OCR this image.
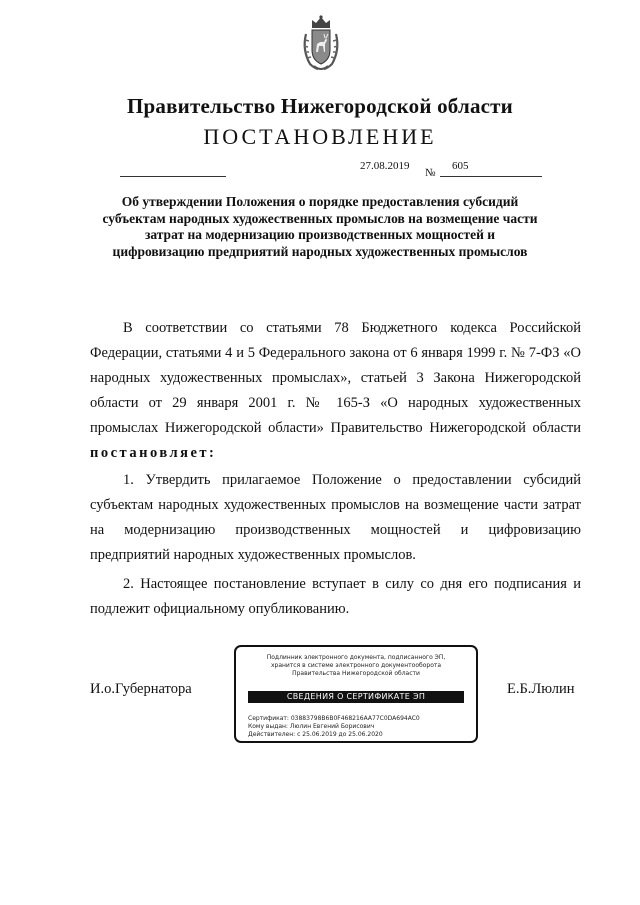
Правительство Нижегородской области
ПОСТАНОВЛЕНИЕ
27.08.2019
№
605
Об утверждении Положения о порядке предоставления субсидий субъектам народных художественных промыслов на возмещение части затрат на модернизацию производственных мощностей и цифровизацию предприятий народных художественных промыслов
В соответствии со статьями 78 Бюджетного кодекса Российской Федерации, статьями 4 и 5 Федерального закона от 6 января 1999 г. № 7-ФЗ «О народных художественных промыслах», статьей 3 Закона Нижегородской области от 29 января 2001 г. № 165-З «О народных художественных промыслах Нижегородской области» Правительство Нижегородской области постановляет:
1. Утвердить прилагаемое Положение о предоставлении субсидий субъектам народных художественных промыслов на возмещение части затрат на модернизацию производственных мощностей и цифровизацию предприятий народных художественных промыслов.
2. Настоящее постановление вступает в силу со дня его подписания и подлежит официальному опубликованию.
И.о.Губернатора	Е.Б.Люлин
Подлинник электронного документа, подписанного ЭП,
хранится в системе электронного документооборота
Правительства Нижегородской области
СВЕДЕНИЯ О СЕРТИФИКАТЕ ЭП
Сертификат: 03883798B6B0F468216AA77C0DA694AC0
Кому выдан: Люлин Евгений Борисович
Действителен: с 25.06.2019 до 25.06.2020
